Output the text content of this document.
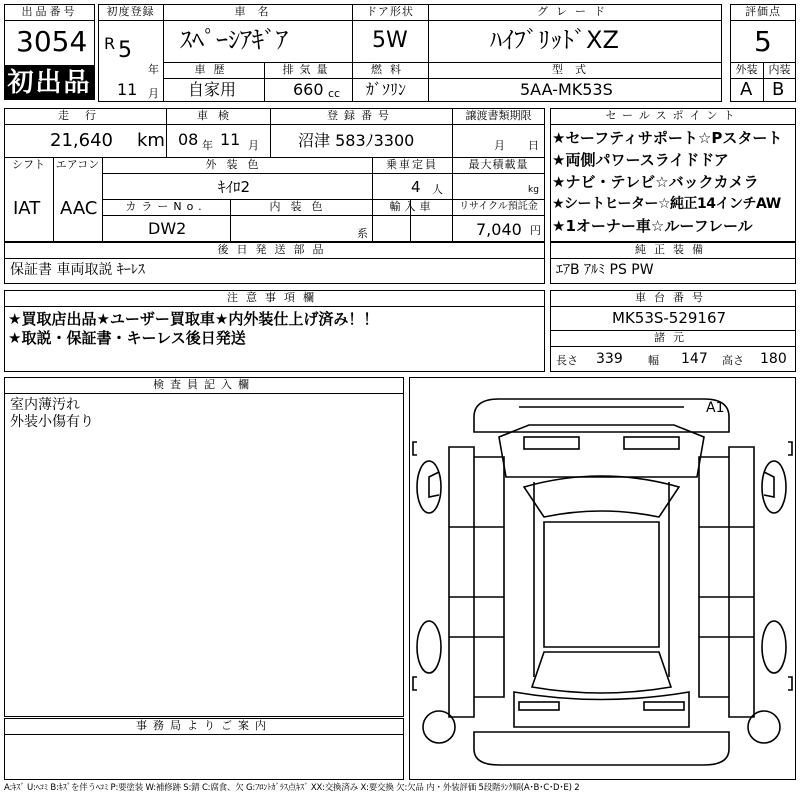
出品番号
3054
初出品
初度登録
R 5
年
11 月
車名
ｽﾍﾟｰｼｱｷﾞｱ
ドア形状
5W
グレード
ﾊｲﾌﾞﾘｯﾄﾞXZ
車歴
自家用
排気量
660 cc
燃料
ｶﾞｿﾘﾝ
型式
5AA-MK53S
評価点
5
外装	内装
A B
走行
21,640 km
車検
08 年 11 月
登録番号
沼津 583ﾉ3300
譲渡書類期限
月 日
シフト
IAT
エアコン
AAC
外装色
ｷｲﾛ2
乗車定員
4 人
最大積載量
kg
カラーNo.
DW2
内装色
系
輸入車	リサイクル預託金
7,040 円
後日発送部品
保証書 車両取説 ｷｰﾚｽ
セールスポイント
★セーフティサポート☆Pスタート
★両側パワースライドドア
★ナビ・テレビ☆バックカメラ
★シートヒーター☆純正14インチAW
★1オーナー車☆ルーフレール
純正装備
ｴｱB ｱﾙﾐ PS PW
注意事項欄
★買取店出品★ユーザー買取車★内外装仕上げ済み！！
★取説・保証書・キーレス後日発送
車台番号
MK53S-529167
諸元
長さ 339 幅 147 高さ 180
検査員記入欄
室内薄汚れ
外装小傷有り
事務局よりご案内
A1
A:ｷｽﾞ U:ﾍｺﾐ B:ｷｽﾞを伴うﾍｺﾐ P:要塗装 W:補修跡 S:錆 C:腐食、欠 G:ﾌﾛﾝﾄｶﾞﾗｽ点ｷｽﾞ XX:交換済み X:要交換 欠:欠品 内・外装評価 5段階ﾗﾝｸ順(A･B･C･D･E) 2
